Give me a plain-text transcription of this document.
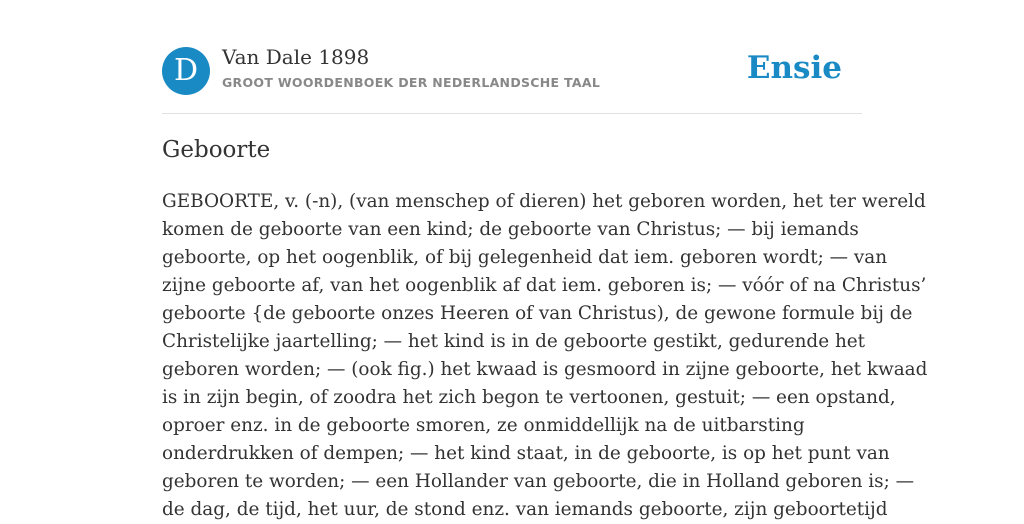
D	Van Dale 1898
GROOT WOORDENBOEK DER NEDERLANDSCHE TAAL	Ensie
Geboorte
GEBOORTE, v. (-n), (van menschep of dieren) het geboren worden, het ter wereld
komen de geboorte van een kind; de geboorte van Christus; — bij iemands
geboorte, op het oogenblik, of bij gelegenheid dat iem. geboren wordt; — van
zijne geboorte af, van het oogenblik af dat iem. geboren is; — vóór of na Christus’
geboorte {de geboorte onzes Heeren of van Christus), de gewone formule bij de
Christelijke jaartelling; — het kind is in de geboorte gestikt, gedurende het
geboren worden; — (ook fig.) het kwaad is gesmoord in zijne geboorte, het kwaad
is in zijn begin, of zoodra het zich begon te vertoonen, gestuit; — een opstand,
oproer enz. in de geboorte smoren, ze onmiddellijk na de uitbarsting
onderdrukken of dempen; — het kind staat, in de geboorte, is op het punt van
geboren te worden; — een Hollander van geboorte, die in Holland geboren is; —
de dag, de tijd, het uur, de stond enz. van iemands geboorte, zijn geboortetijd
